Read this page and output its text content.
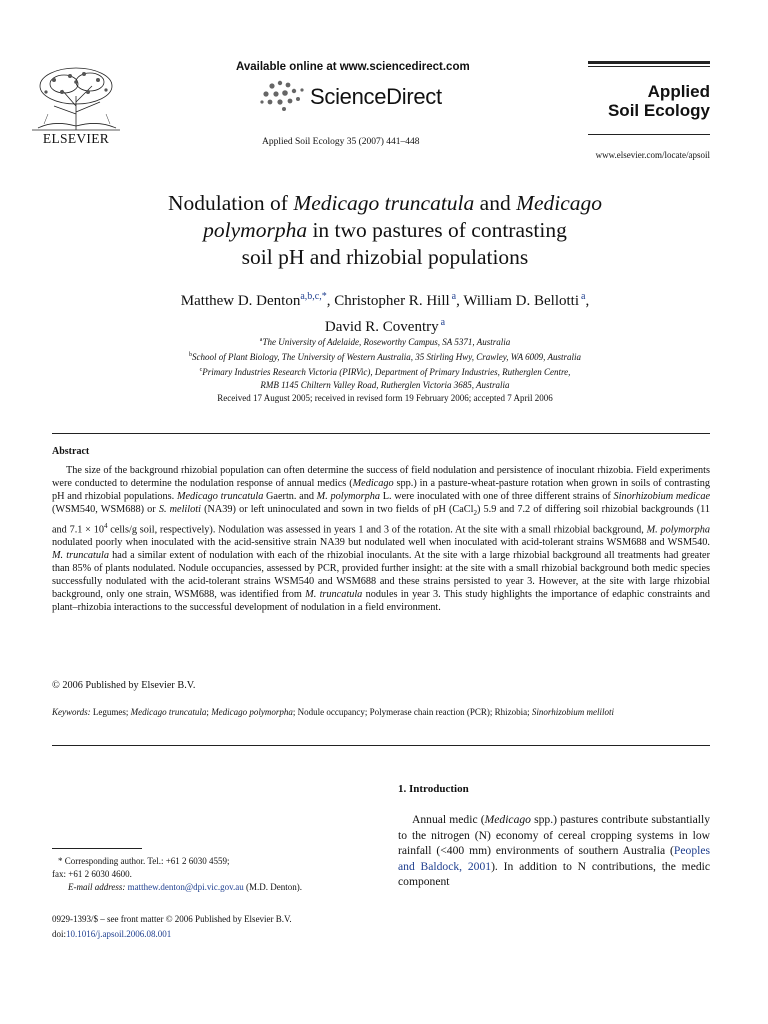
ELSEVIER
Available online at www.sciencedirect.com
ScienceDirect
Applied Soil Ecology 35 (2007) 441–448
Applied
Soil Ecology
www.elsevier.com/locate/apsoil
Nodulation of Medicago truncatula and Medicago
polymorpha in two pastures of contrasting
soil pH and rhizobial populations
Matthew D. Denton$^{a,b,c,*}$, Christopher R. Hill  $^a$, William D. Bellotti  $^a$,
David R. Coventry  $^a$
$^a$The University of Adelaide, Roseworthy Campus, SA 5371, Australia
$^b$School of Plant Biology, The University of Western Australia, 35 Stirling Hwy, Crawley, WA 6009, Australia
$^c$Primary Industries Research Victoria (PIRVic), Department of Primary Industries, Rutherglen Centre,
RMB 1145 Chiltern Valley Road, Rutherglen Victoria 3685, Australia
Received 17 August 2005; received in revised form 19 February 2006; accepted 7 April 2006
Abstract

The size of the background rhizobial population can often determine the success of field nodulation and persistence of inoculant rhizobia. Field experiments were conducted to determine the nodulation response of annual medics (Medicago spp.) in a pasture-wheat-pasture rotation when grown in soils of contrasting pH and rhizobial populations. Medicago truncatula Gaertn. and M. polymorpha L. were inoculated with one of three different strains of Sinorhizobium medicae (WSM540, WSM688) or S. meliloti (NA39) or left uninoculated and sown in two fields of pH (CaCl$_2$) 5.9 and 7.2 of differing soil rhizobial backgrounds (11 and $7.1 \times 10^4$ cells/g soil, respectively). Nodulation was assessed in years 1 and 3 of the rotation. At the site with a small rhizobial background, M. polymorpha nodulated poorly when inoculated with the acid-sensitive strain NA39 but nodulated well when inoculated with acid-tolerant strains WSM688 and WSM540. M. truncatula had a similar extent of nodulation with each of the rhizobial inoculants. At the site with a large rhizobial background all treatments had greater than 85% of plants nodulated. Nodule occupancies, assessed by PCR, provided further insight: at the site with a small rhizobial background both medic species successfully nodulated with the acid-tolerant strains WSM540 and WSM688 and these strains persisted to year 3. However, at the site with large rhizobial background, only one strain, WSM688, was identified from M. truncatula nodules in year 3. This study highlights the importance of edaphic constraints and plant–rhizobia interactions to the successful development of nodulation in a field environment.

© 2006 Published by Elsevier B.V.
Keywords: Legumes; Medicago truncatula; Medicago polymorpha; Nodule occupancy; Polymerase chain reaction (PCR); Rhizobia; Sinorhizobium meliloti
1. Introduction

Annual medic (Medicago spp.) pastures contribute substantially to the nitrogen (N) economy of cereal cropping systems in low rainfall (<400 mm) environments of southern Australia (Peoples and Baldock, 2001). In addition to N contributions, the medic component

* Corresponding author. Tel.: +61 2 6030 4559;
fax: +61 2 6030 4600.
E-mail address: matthew.denton@dpi.vic.gov.au (M.D. Denton).
0929-1393/$ – see front matter © 2006 Published by Elsevier B.V.
doi:10.1016/j.apsoil.2006.08.001
